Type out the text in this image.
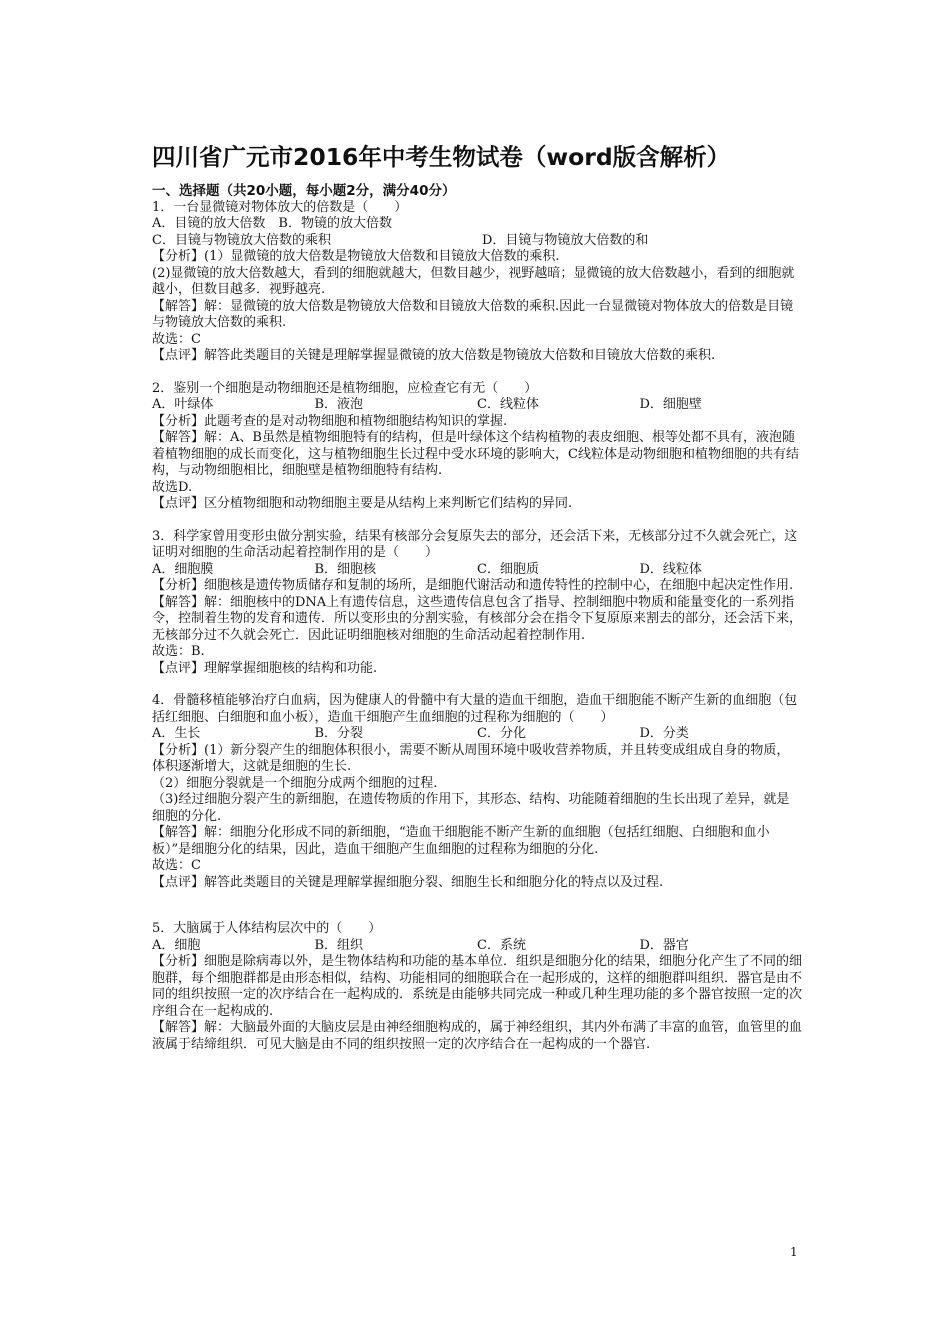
四川省广元市2016年中考生物试卷（word版含解析）
一、选择题（共20小题，每小题2分，满分40分）
1．一台显微镜对物体放大的倍数是（　　）
A．目镜的放大倍数　B．物镜的放大倍数
C．目镜与物镜放大倍数的乘积	D．目镜与物镜放大倍数的和
【分析】(1）显微镜的放大倍数是物镜放大倍数和目镜放大倍数的乘积.
(2)显微镜的放大倍数越大，看到的细胞就越大，但数目越少，视野越暗；显微镜的放大倍数越小，看到的细胞就越小，但数目越多．视野越亮.
【解答】解：显微镜的放大倍数是物镜放大倍数和目镜放大倍数的乘积.因此一台显微镜对物体放大的倍数是目镜与物镜放大倍数的乘积.
故选：C
【点评】解答此类题目的关键是理解掌握显微镜的放大倍数是物镜放大倍数和目镜放大倍数的乘积.
2．鉴别一个细胞是动物细胞还是植物细胞，应检查它有无（　　）
A．叶绿体	B．液泡	C．线粒体	D．细胞壁
【分析】此题考查的是对动物细胞和植物细胞结构知识的掌握.
【解答】解：A、B虽然是植物细胞特有的结构，但是叶绿体这个结构植物的表皮细胞、根等处都不具有，液泡随着植物细胞的成长而变化，这与植物细胞生长过程中受水环境的影响大，C线粒体是动物细胞和植物细胞的共有结构，与动物细胞相比，细胞壁是植物细胞特有结构.
故选D.
【点评】区分植物细胞和动物细胞主要是从结构上来判断它们结构的异同.
3．科学家曾用变形虫做分割实验，结果有核部分会复原失去的部分，还会活下来，无核部分过不久就会死亡，这证明对细胞的生命活动起着控制作用的是（　　）
A．细胞膜	B．细胞核	C．细胞质	D．线粒体
【分析】细胞核是遗传物质储存和复制的场所，是细胞代谢活动和遗传特性的控制中心，在细胞中起决定性作用.
【解答】解：细胞核中的DNA上有遗传信息，这些遗传信息包含了指导、控制细胞中物质和能量变化的一系列指令，控制着生物的发育和遗传．所以变形虫的分割实验，有核部分会在指令下复原原来割去的部分，还会活下来，无核部分过不久就会死亡．因此证明细胞核对细胞的生命活动起着控制作用.
故选：B.
【点评】理解掌握细胞核的结构和功能.
4．骨髓移植能够治疗白血病，因为健康人的骨髓中有大量的造血干细胞，造血干细胞能不断产生新的血细胞（包括红细胞、白细胞和血小板），造血干细胞产生血细胞的过程称为细胞的（　　）
A．生长	B．分裂	C．分化	D．分类
【分析】(1）新分裂产生的细胞体积很小，需要不断从周围环境中吸收营养物质，并且转变成组成自身的物质，体积逐渐增大，这就是细胞的生长.
（2）细胞分裂就是一个细胞分成两个细胞的过程.
（3)经过细胞分裂产生的新细胞，在遗传物质的作用下，其形态、结构、功能随着细胞的生长出现了差异，就是细胞的分化.
【解答】解：细胞分化形成不同的新细胞，“造血干细胞能不断产生新的血细胞（包括红细胞、白细胞和血小板）”是细胞分化的结果，因此，造血干细胞产生血细胞的过程称为细胞的分化.
故选：C
【点评】解答此类题目的关键是理解掌握细胞分裂、细胞生长和细胞分化的特点以及过程.
5．大脑属于人体结构层次中的（　　）
A．细胞	B．组织	C．系统	D．器官
【分析】细胞是除病毒以外，是生物体结构和功能的基本单位．组织是细胞分化的结果，细胞分化产生了不同的细胞群，每个细胞群都是由形态相似，结构、功能相同的细胞联合在一起形成的，这样的细胞群叫组织．器官是由不同的组织按照一定的次序结合在一起构成的．系统是由能够共同完成一种或几种生理功能的多个器官按照一定的次序组合在一起构成的.
【解答】解：大脑最外面的大脑皮层是由神经细胞构成的，属于神经组织，其内外布满了丰富的血管，血管里的血液属于结缔组织．可见大脑是由不同的组织按照一定的次序结合在一起构成的一个器官.
1
